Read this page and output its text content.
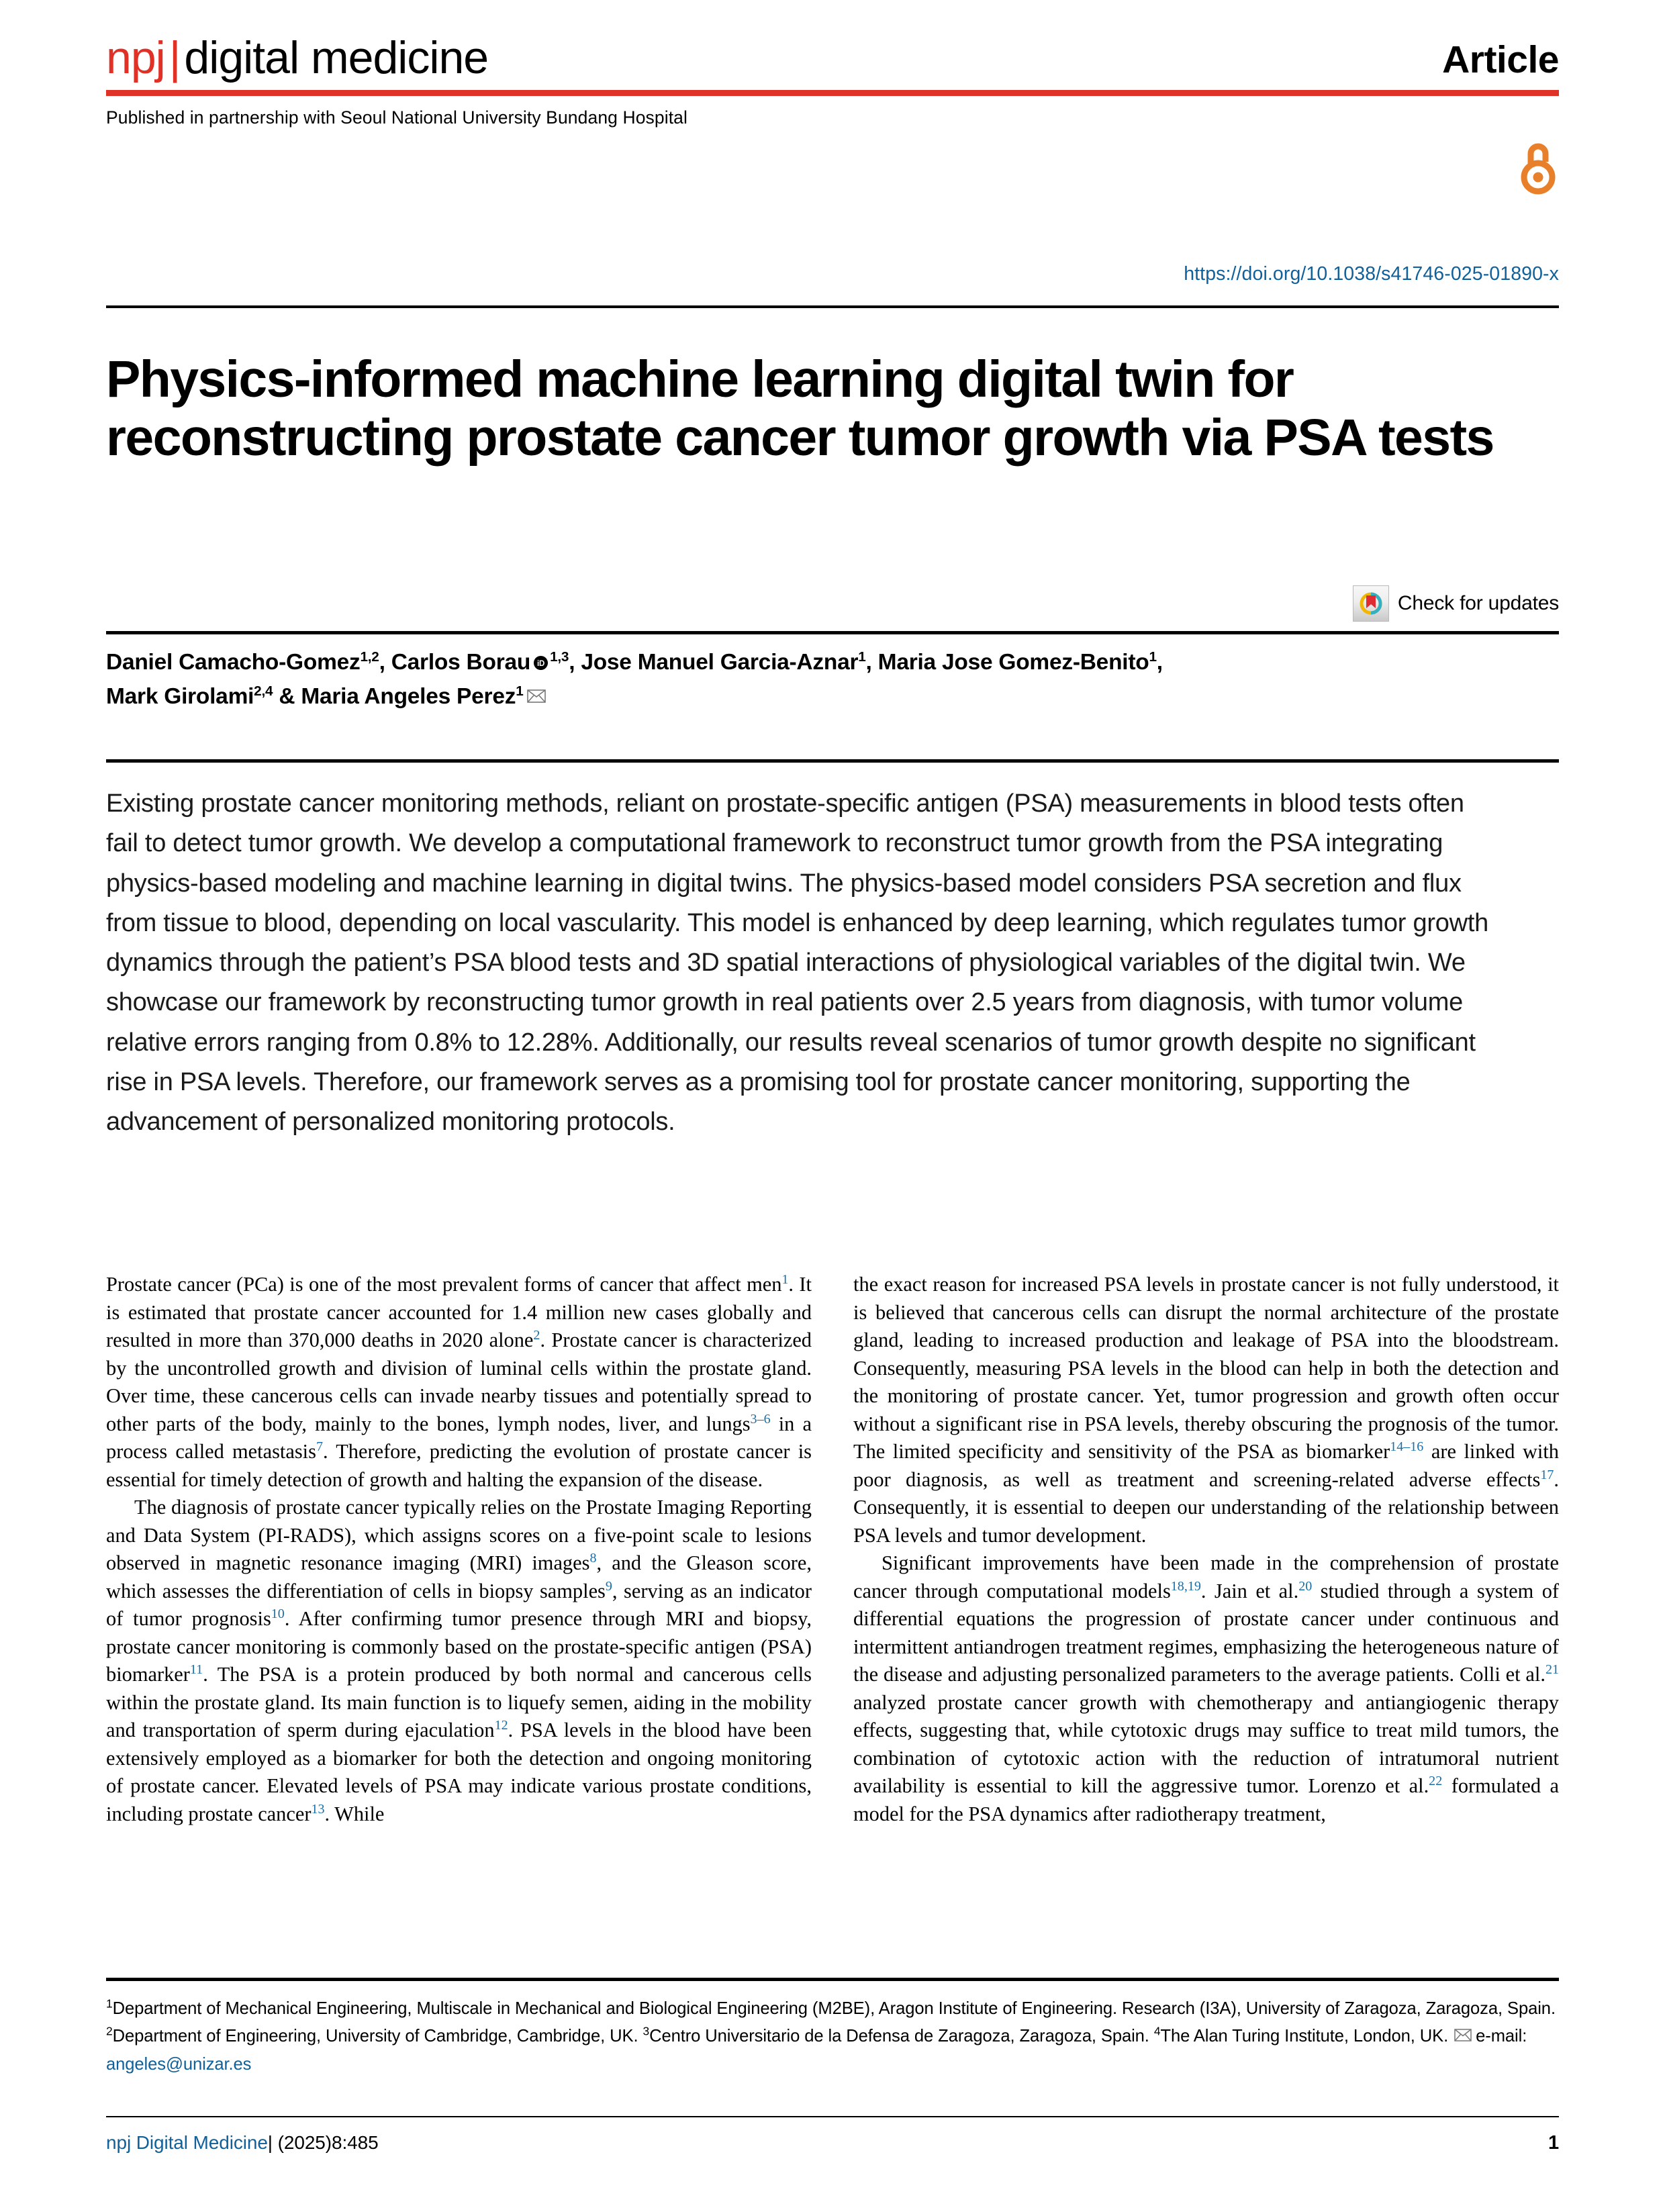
npj|digital medicine	Article
Published in partnership with Seoul National University Bundang Hospital
https://doi.org/10.1038/s41746-025-01890-x
Physics-informed machine learning digital twin for reconstructing prostate cancer tumor growth via PSA tests
Check for updates
Daniel Camacho-Gomez$^{1,2}$, Carlos Borau iD $^{1,3}$, Jose Manuel Garcia-Aznar$^1$, Maria Jose Gomez-Benito$^1$,
Mark Girolami$^{2,4}$ & Maria Angeles Perez$^1$
Existing prostate cancer monitoring methods, reliant on prostate-specific antigen (PSA) measurements in blood tests often fail to detect tumor growth. We develop a computational framework to reconstruct tumor growth from the PSA integrating physics-based modeling and machine learning in digital twins. The physics-based model considers PSA secretion and flux from tissue to blood, depending on local vascularity. This model is enhanced by deep learning, which regulates tumor growth dynamics through the patient’s PSA blood tests and 3D spatial interactions of physiological variables of the digital twin. We showcase our framework by reconstructing tumor growth in real patients over 2.5 years from diagnosis, with tumor volume relative errors ranging from 0.8% to 12.28%. Additionally, our results reveal scenarios of tumor growth despite no significant rise in PSA levels. Therefore, our framework serves as a promising tool for prostate cancer monitoring, supporting the advancement of personalized monitoring protocols.

Prostate cancer (PCa) is one of the most prevalent forms of cancer that affect men$^1$. It is estimated that prostate cancer accounted for 1.4 million new cases globally and resulted in more than 370,000 deaths in 2020 alone$^2$. Prostate cancer is characterized by the uncontrolled growth and division of luminal cells within the prostate gland. Over time, these cancerous cells can invade nearby tissues and potentially spread to other parts of the body, mainly to the bones, lymph nodes, liver, and lungs$^{3-6}$ in a process called metastasis$^7$. Therefore, predicting the evolution of prostate cancer is essential for timely detection of growth and halting the expansion of the disease.

The diagnosis of prostate cancer typically relies on the Prostate Imaging Reporting and Data System (PI-RADS), which assigns scores on a five-point scale to lesions observed in magnetic resonance imaging (MRI) images$^8$, and the Gleason score, which assesses the differentiation of cells in biopsy samples$^9$, serving as an indicator of tumor prognosis$^{10}$. After confirming tumor presence through MRI and biopsy, prostate cancer monitoring is commonly based on the prostate-specific antigen (PSA) biomarker$^{11}$. The PSA is a protein produced by both normal and cancerous cells within the prostate gland. Its main function is to liquefy semen, aiding in the mobility and transportation of sperm during ejaculation$^{12}$. PSA levels in the blood have been extensively employed as a biomarker for both the detection and ongoing monitoring of prostate cancer. Elevated levels of PSA may indicate various prostate conditions, including prostate cancer$^{13}$. While

the exact reason for increased PSA levels in prostate cancer is not fully understood, it is believed that cancerous cells can disrupt the normal architecture of the prostate gland, leading to increased production and leakage of PSA into the bloodstream. Consequently, measuring PSA levels in the blood can help in both the detection and the monitoring of prostate cancer. Yet, tumor progression and growth often occur without a significant rise in PSA levels, thereby obscuring the prognosis of the tumor. The limited specificity and sensitivity of the PSA as biomarker$^{14-16}$ are linked with poor diagnosis, as well as treatment and screening-related adverse effects$^{17}$. Consequently, it is essential to deepen our understanding of the relationship between PSA levels and tumor development.

Significant improvements have been made in the comprehension of prostate cancer through computational models$^{18,19}$. Jain et al.$^{20}$ studied through a system of differential equations the progression of prostate cancer under continuous and intermittent antiandrogen treatment regimes, emphasizing the heterogeneous nature of the disease and adjusting personalized parameters to the average patients. Colli et al.$^{21}$ analyzed prostate cancer growth with chemotherapy and antiangiogenic therapy effects, suggesting that, while cytotoxic drugs may suffice to treat mild tumors, the combination of cytotoxic action with the reduction of intratumoral nutrient availability is essential to kill the aggressive tumor. Lorenzo et al.$^{22}$ formulated a model for the PSA dynamics after radiotherapy treatment,

$^1$Department of Mechanical Engineering, Multiscale in Mechanical and Biological Engineering (M2BE), Aragon Institute of Engineering. Research (I3A), University of Zaragoza, Zaragoza, Spain. $^2$Department of Engineering, University of Cambridge, Cambridge, UK. $^3$Centro Universitario de la Defensa de Zaragoza, Zaragoza, Spain. $^4$The Alan Turing Institute, London, UK. e-mail: angeles@unizar.es
npj Digital Medicine| (2025)8:485	1
